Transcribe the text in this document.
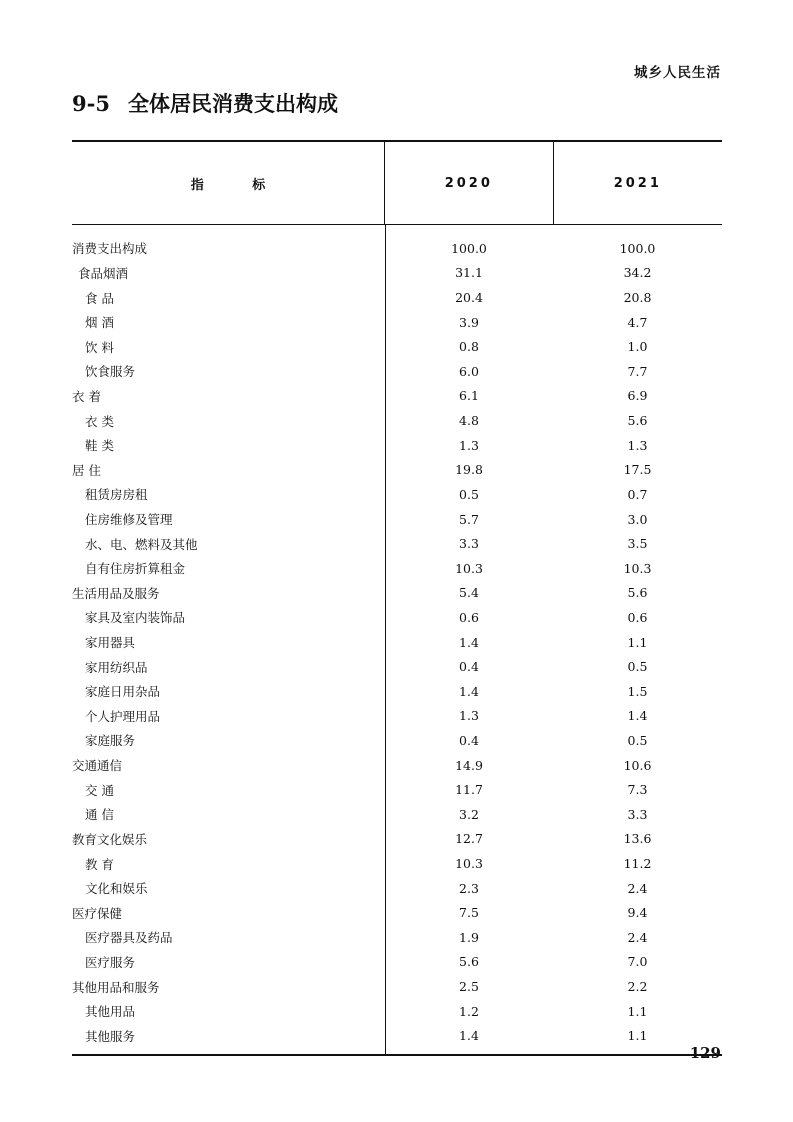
城乡人民生活
9-5 全体居民消费支出构成
指 标	2020	2021
消费支出构成	100.0	100.0
食品烟酒	31.1	34.2
食 品	20.4	20.8
烟 酒	3.9	4.7
饮 料	0.8	1.0
饮食服务	6.0	7.7
衣 着	6.1	6.9
衣 类	4.8	5.6
鞋 类	1.3	1.3
居 住	19.8	17.5
租赁房房租	0.5	0.7
住房维修及管理	5.7	3.0
水、电、燃料及其他	3.3	3.5
自有住房折算租金	10.3	10.3
生活用品及服务	5.4	5.6
家具及室内装饰品	0.6	0.6
家用器具	1.4	1.1
家用纺织品	0.4	0.5
家庭日用杂品	1.4	1.5
个人护理用品	1.3	1.4
家庭服务	0.4	0.5
交通通信	14.9	10.6
交 通	11.7	7.3
通 信	3.2	3.3
教育文化娱乐	12.7	13.6
教 育	10.3	11.2
文化和娱乐	2.3	2.4
医疗保健	7.5	9.4
医疗器具及药品	1.9	2.4
医疗服务	5.6	7.0
其他用品和服务	2.5	2.2
其他用品	1.2	1.1
其他服务	1.4	1.1
129
